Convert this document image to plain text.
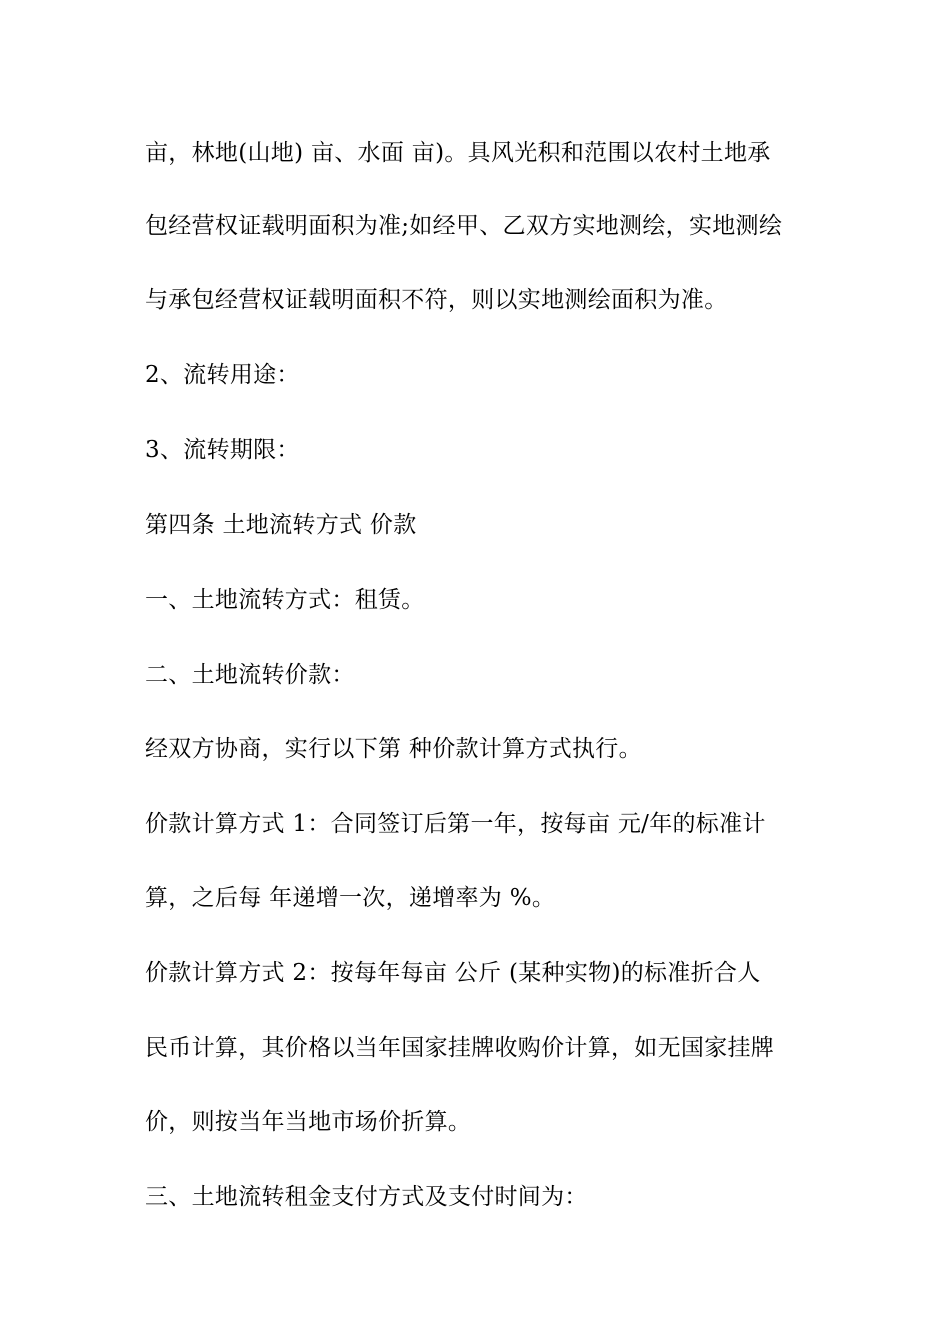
亩，林地(山地) 亩、水面 亩)。具风光积和范围以农村土地承
包经营权证载明面积为准;如经甲、乙双方实地测绘，实地测绘
与承包经营权证载明面积不符，则以实地测绘面积为准。
2、流转用途：
3、流转期限：
第四条 土地流转方式 价款
一、土地流转方式：租赁。
二、土地流转价款：
经双方协商，实行以下第 种价款计算方式执行。
价款计算方式 1：合同签订后第一年，按每亩 元/年的标准计
算，之后每 年递增一次，递增率为 %。
价款计算方式 2：按每年每亩 公斤 (某种实物)的标准折合人
民币计算，其价格以当年国家挂牌收购价计算，如无国家挂牌
价，则按当年当地市场价折算。
三、土地流转租金支付方式及支付时间为：
